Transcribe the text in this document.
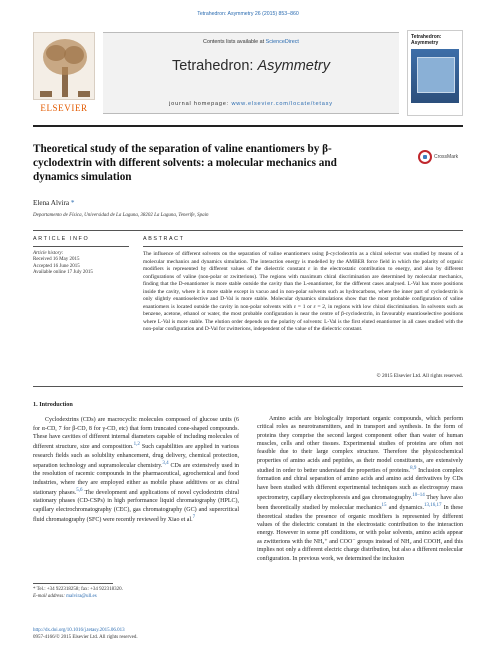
Tetrahedron: Asymmetry 26 (2015) 853–860
ELSEVIER
Contents lists available at ScienceDirect
Tetrahedron: Asymmetry
journal homepage: www.elsevier.com/locate/tetasy
Tetrahedron: Asymmetry
Theoretical study of the separation of valine enantiomers by β-cyclodextrin with different solvents: a molecular mechanics and dynamics simulation
CrossMark
Elena Alvira *
Departamento de Física, Universidad de La Laguna, 38202 La Laguna, Tenerife, Spain
ARTICLE INFO	ABSTRACT
Article history:
Received 16 May 2015
Accepted 16 June 2015
Available online 17 July 2015
The influence of different solvents on the separation of valine enantiomers using β-cyclodextrin as a chiral selector was studied by means of a molecular mechanics and dynamics simulation. The interaction energy is modelled by the AMBER force field in which the polarity of organic modifiers is represented by different values of the dielectric constant ε in the electrostatic contribution to energy, and also by different configurations of valine (non-polar or zwitterions). The regions with maximum chiral discrimination are determined by molecular mechanics, finding that the D-enantiomer is more stable outside the cavity than the L-enantiomer, for the different cases analysed. L-Val has more positions inside the cavity, where it is more stable except in vacuo and in non-polar solvents such as hydrocarbons, where the inner part of cyclodextrin is only slightly enantioselective and D-Val is more stable. Molecular dynamics simulations show that the most probable configuration of valine enantiomers is located outside the cavity in non-polar solvents with ε = 1 or ε = 2, in regions with low chiral discrimination. In solvents such as benzene, acetone, ethanol or water, the most probable configuration is near the centre of β-cyclodextrin, in favourably enantioselective positions where L-Val is more stable. The elution order depends on the polarity of solvents: L-Val is the first eluted enantiomer in all cases studied with the non-polar configuration and D-Val for zwitterions, independent of the value of the dielectric constant.
© 2015 Elsevier Ltd. All rights reserved.
1. Introduction

Cyclodextrins (CDs) are macrocyclic molecules composed of glucose units (6 for α-CD, 7 for β-CD, 8 for γ-CD, etc) that form truncated cone-shaped compounds. These have cavities of different internal diameters capable of including molecules of different structure, size and composition.$^{1,2}$ Such capabilities are applied in various research fields such as solubility enhancement, drug delivery, chemical protection, separation technology and supramolecular chemistry.$^{3,4}$ CDs are extensively used in the resolution of racemic compounds in the pharmaceutical, agrochemical and food industries, where they are employed either as mobile phase additives or as chiral stationary phases.$^{5,6}$ The development and applications of novel cyclodextrin chiral stationary phases (CD-CSPs) in high performance liquid chromatography (HPLC), capillary electrochromatography (CEC), gas chromatography (GC) and supercritical fluid chromatography (SFC) were recently reviewed by Xiao et al.$^7$

Amino acids are biologically important organic compounds, which perform critical roles as neurotransmitters, and in transport and synthesis. In the form of proteins they comprise the second largest component other than water of human muscles, cells and other tissues. Experimental studies of proteins are often not feasible due to their large complex structure. Therefore the physicochemical properties of amino acids and peptides, as their model constituents, are extensively studied in order to better understand the properties of proteins.$^{8,9}$ Inclusion complex formation and chiral separation of amino acids and amino acid derivatives by CDs have been studied with different experimental techniques such as electrospray mass spectrometry, capillary electrophoresis and gas chromatography.$^{10-14}$ They have also been theoretically studied by molecular mechanics$^{15}$ and dynamics.$^{13,16,17}$ In these theoretical studies the presence of organic modifiers is represented by different values of the dielectric constant in the electrostatic contribution to the interaction energy. However in some pH conditions, or with polar solvents, amino acids appear as zwitterions with the NH₃⁺ and COO⁻ groups instead of NH₂ and COOH, and this implies not only a different electric charge distribution, but also a different molecular configuration. In previous work, we determined the inclusion

* Tel.: +34 922318258; fax: +34 922318320.
E-mail address: malvira@ull.es
http://dx.doi.org/10.1016/j.tetasy.2015.06.013
0957-4166/© 2015 Elsevier Ltd. All rights reserved.
